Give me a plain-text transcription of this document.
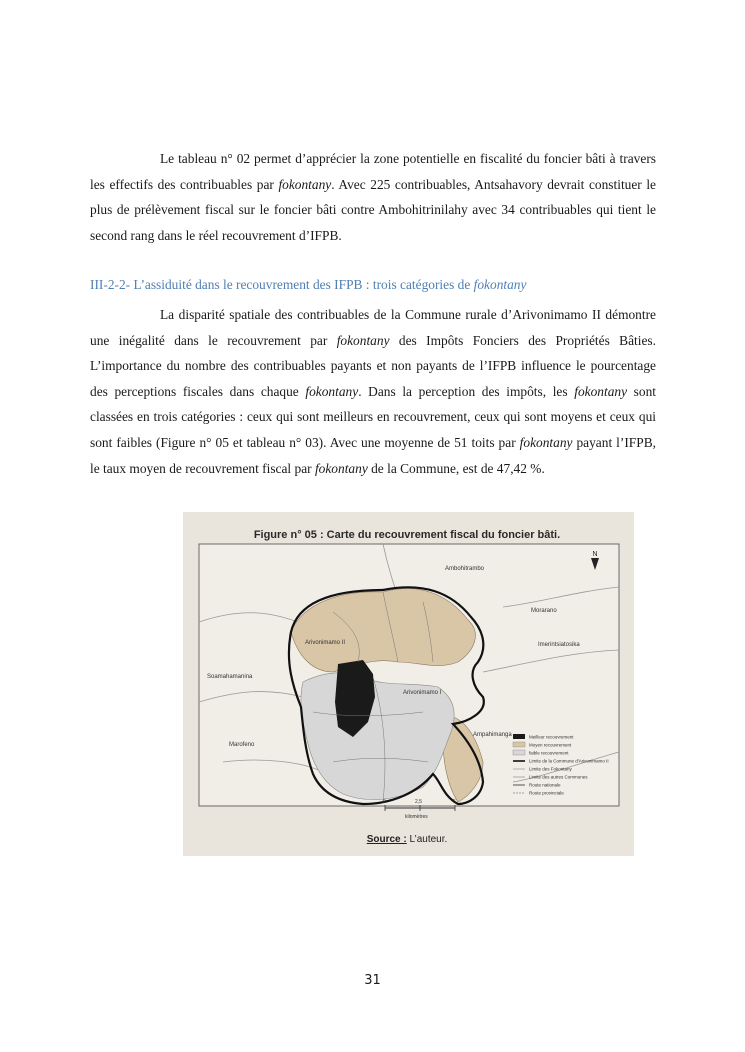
Le tableau n° 02 permet d’apprécier la zone potentielle en fiscalité du foncier bâti à travers les effectifs des contribuables par fokontany. Avec 225 contribuables, Antsahavory devrait constituer le plus de prélèvement fiscal sur le foncier bâti contre Ambohitrinilahy avec 34 contribuables qui tient le second rang dans le réel recouvrement d’IFPB.

III-2-2- L’assiduité dans le recouvrement des IFPB : trois catégories de fokontany

La disparité spatiale des contribuables de la Commune rurale d’Arivonimamo II démontre une inégalité dans le recouvrement par fokontany des Impôts Fonciers des Propriétés Bâties. L’importance du nombre des contribuables payants et non payants de l’IFPB influence le pourcentage des perceptions fiscales dans chaque fokontany. Dans la perception des impôts, les fokontany sont classées en trois catégories : ceux qui sont meilleurs en recouvrement, ceux qui sont moyens et ceux qui sont faibles (Figure n° 05 et tableau n° 03). Avec une moyenne de 51 toits par fokontany payant l’IFPB, le taux moyen de recouvrement fiscal par fokontany de la Commune, est de 47,42 %.

Figure n° 05 : Carte du recouvrement fiscal du foncier bâti.
N
Ambohitrambo
Morarano
Imerintsiatosika
Arivonimamo II
Arivonimamo I
Soamahamanina
Marofeno
Ampahimanga	Meilleur recouvrement
Moyen recouvrement
faible recouvrement
Limite de la Commune d'Arivonimamo II
Limite des Fokontany
Limite des autres Communes
Route nationale
Route provinciale
0	2,5	5
kilomètres
Source : L’auteur.
31
